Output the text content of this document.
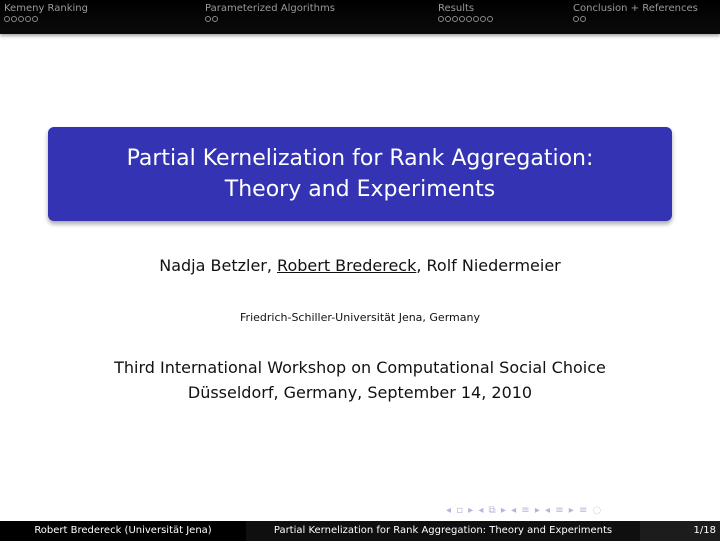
Kemeny Ranking	Parameterized Algorithms	Results	Conclusion + References
Partial Kernelization for Rank Aggregation:
Theory and Experiments
Nadja Betzler, Robert Bredereck, Rolf Niedermeier
Friedrich-Schiller-Universität Jena, Germany
Third International Workshop on Computational Social Choice
Düsseldorf, Germany, September 14, 2010
◂ ▫ ▸ ◂ ⧉ ▸ ◂ ≡ ▸ ◂ ≡ ▸ ≡ ◌
Robert Bredereck (Universität Jena)	Partial Kernelization for Rank Aggregation: Theory and Experiments	1/18
